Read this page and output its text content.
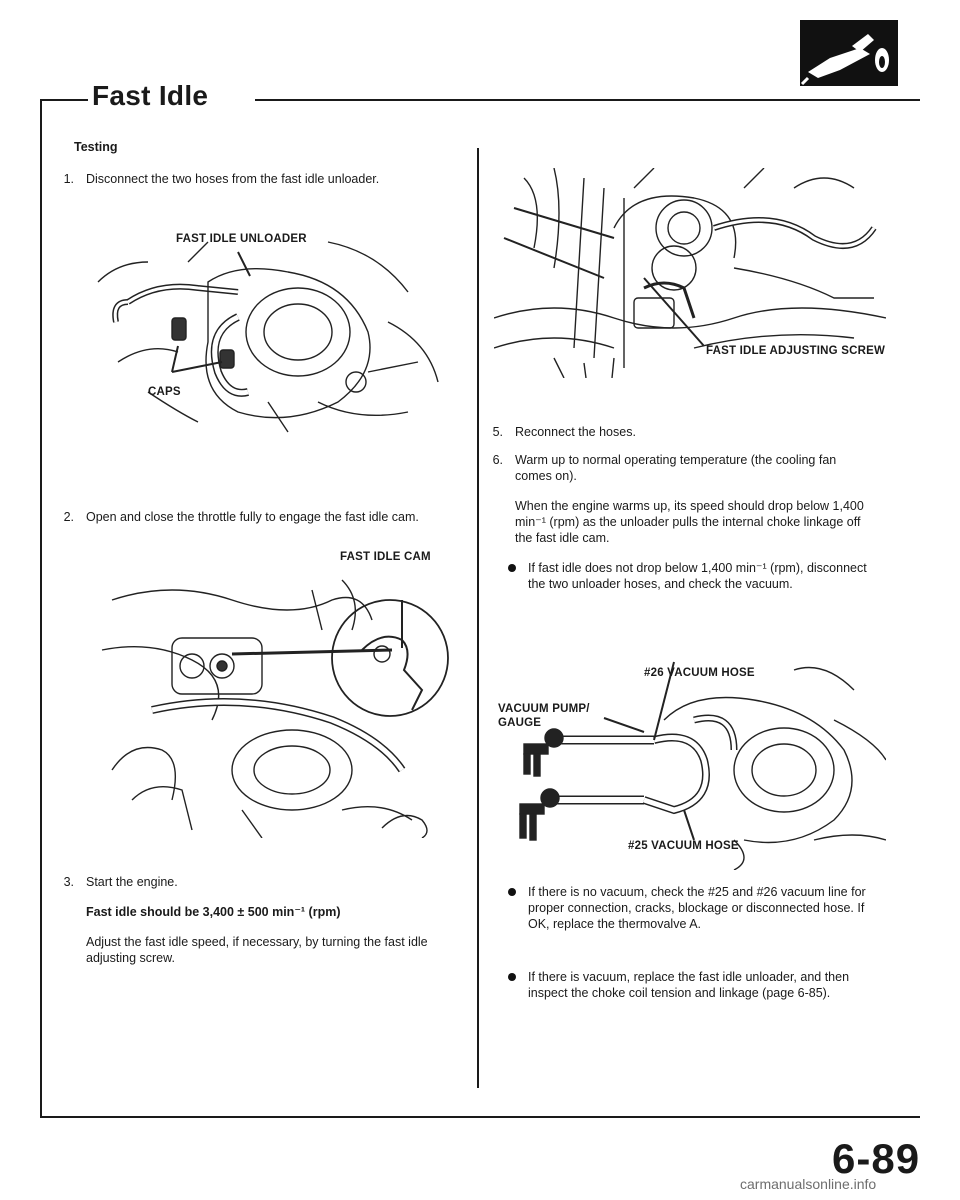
Fast Idle
Testing
1. Disconnect the two hoses from the fast idle unloader.
FAST IDLE UNLOADER
CAPS
2. Open and close the throttle fully to engage the fast idle cam.
FAST IDLE CAM
3. Start the engine.
Fast idle should be 3,400 ± 500 min⁻¹ (rpm)
Adjust the fast idle speed, if necessary, by turning the fast idle adjusting screw.
FAST IDLE ADJUSTING SCREW
5. Reconnect the hoses.
6. Warm up to normal operating temperature (the cooling fan comes on).
When the engine warms up, its speed should drop below 1,400 min⁻¹ (rpm) as the unloader pulls the internal choke linkage off the fast idle cam.
If fast idle does not drop below 1,400 min⁻¹ (rpm), disconnect the two unloader hoses, and check the vacuum.
#26 VACUUM HOSE
VACUUM PUMP/
GAUGE
#25 VACUUM HOSE
If there is no vacuum, check the #25 and #26 vacuum line for proper connection, cracks, blockage or disconnected hose. If OK, replace the thermovalve A.
If there is vacuum, replace the fast idle unloader, and then inspect the choke coil tension and linkage (page 6-85).
6-89
carmanualsonline.info
